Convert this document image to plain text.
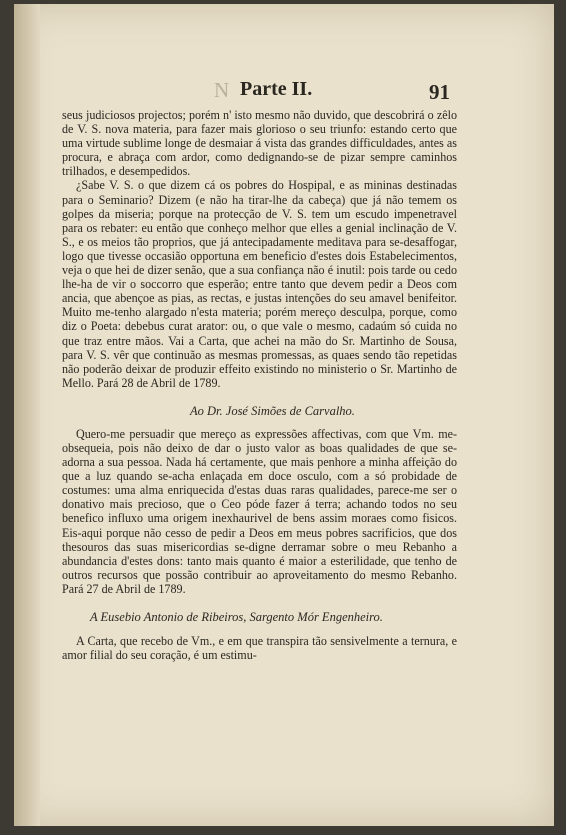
N Parte II.	91

seus judiciosos projectos; porém n' isto mesmo não duvido, que descobrirá o zêlo de V. S. nova materia, para fazer mais glorioso o seu triunfo: estando certo que uma virtude sublime longe de desmaiar á vista das grandes difficuldades, antes as procura, e abraça com ardor, como dedignando-se de pizar sempre caminhos trilhados, e desempedidos.

¿Sabe V. S. o que dizem cá os pobres do Hospipal, e as mininas destinadas para o Seminario? Dizem (e não ha tirar-lhe da cabeça) que já não temem os golpes da miseria; porque na protecção de V. S. tem um escudo impenetravel para os rebater: eu então que conheço melhor que elles a genial inclinação de V. S., e os meios tão proprios, que já antecipadamente meditava para se-desaffogar, logo que tivesse occasião opportuna em beneficio d'estes dois Estabelecimentos, veja o que hei de dizer senão, que a sua confiança não é inutil: pois tarde ou cedo lhe-ha de vir o soccorro que esperão; entre tanto que devem pedir a Deos com ancia, que abençoe as pias, as rectas, e justas intenções do seu amavel benifeitor. Muito me-tenho alargado n'esta materia; porém mereço desculpa, porque, como diz o Poeta: debebus curat arator: ou, o que vale o mesmo, cadaúm só cuida no que traz entre mãos. Vai a Carta, que achei na mão do Sr. Martinho de Sousa, para V. S. vêr que continuão as mesmas promessas, as quaes sendo tão repetidas não poderão deixar de produzir effeito existindo no ministerio o Sr. Martinho de Mello. Pará 28 de Abril de 1789.

Ao Dr. José Simões de Carvalho.

Quero-me persuadir que mereço as expressões affectivas, com que Vm. me-obsequeia, pois não deixo de dar o justo valor as boas qualidades de que se-adorna a sua pessoa. Nada há certamente, que mais penhore a minha affeição do que a luz quando se-acha enlaçada em doce osculo, com a só probidade de costumes: uma alma enriquecida d'estas duas raras qualidades, parece-me ser o donativo mais precioso, que o Ceo póde fazer á terra; achando todos no seu benefico influxo uma origem inexhaurivel de bens assim moraes como fisicos. Eis-aqui porque não cesso de pedir a Deos em meus pobres sacrificios, que dos thesouros das suas misericordias se-digne derramar sobre o meu Rebanho a abundancia d'estes dons: tanto mais quanto é maior a esterilidade, que tenho de outros recursos que possão contribuir ao aproveitamento do mesmo Rebanho. Pará 27 de Abril de 1789.

A Eusebio Antonio de Ribeiros, Sargento Mór Engenheiro.

A Carta, que recebo de Vm., e em que transpira tão sensivelmente a ternura, e amor filial do seu coração, é um estimu-
